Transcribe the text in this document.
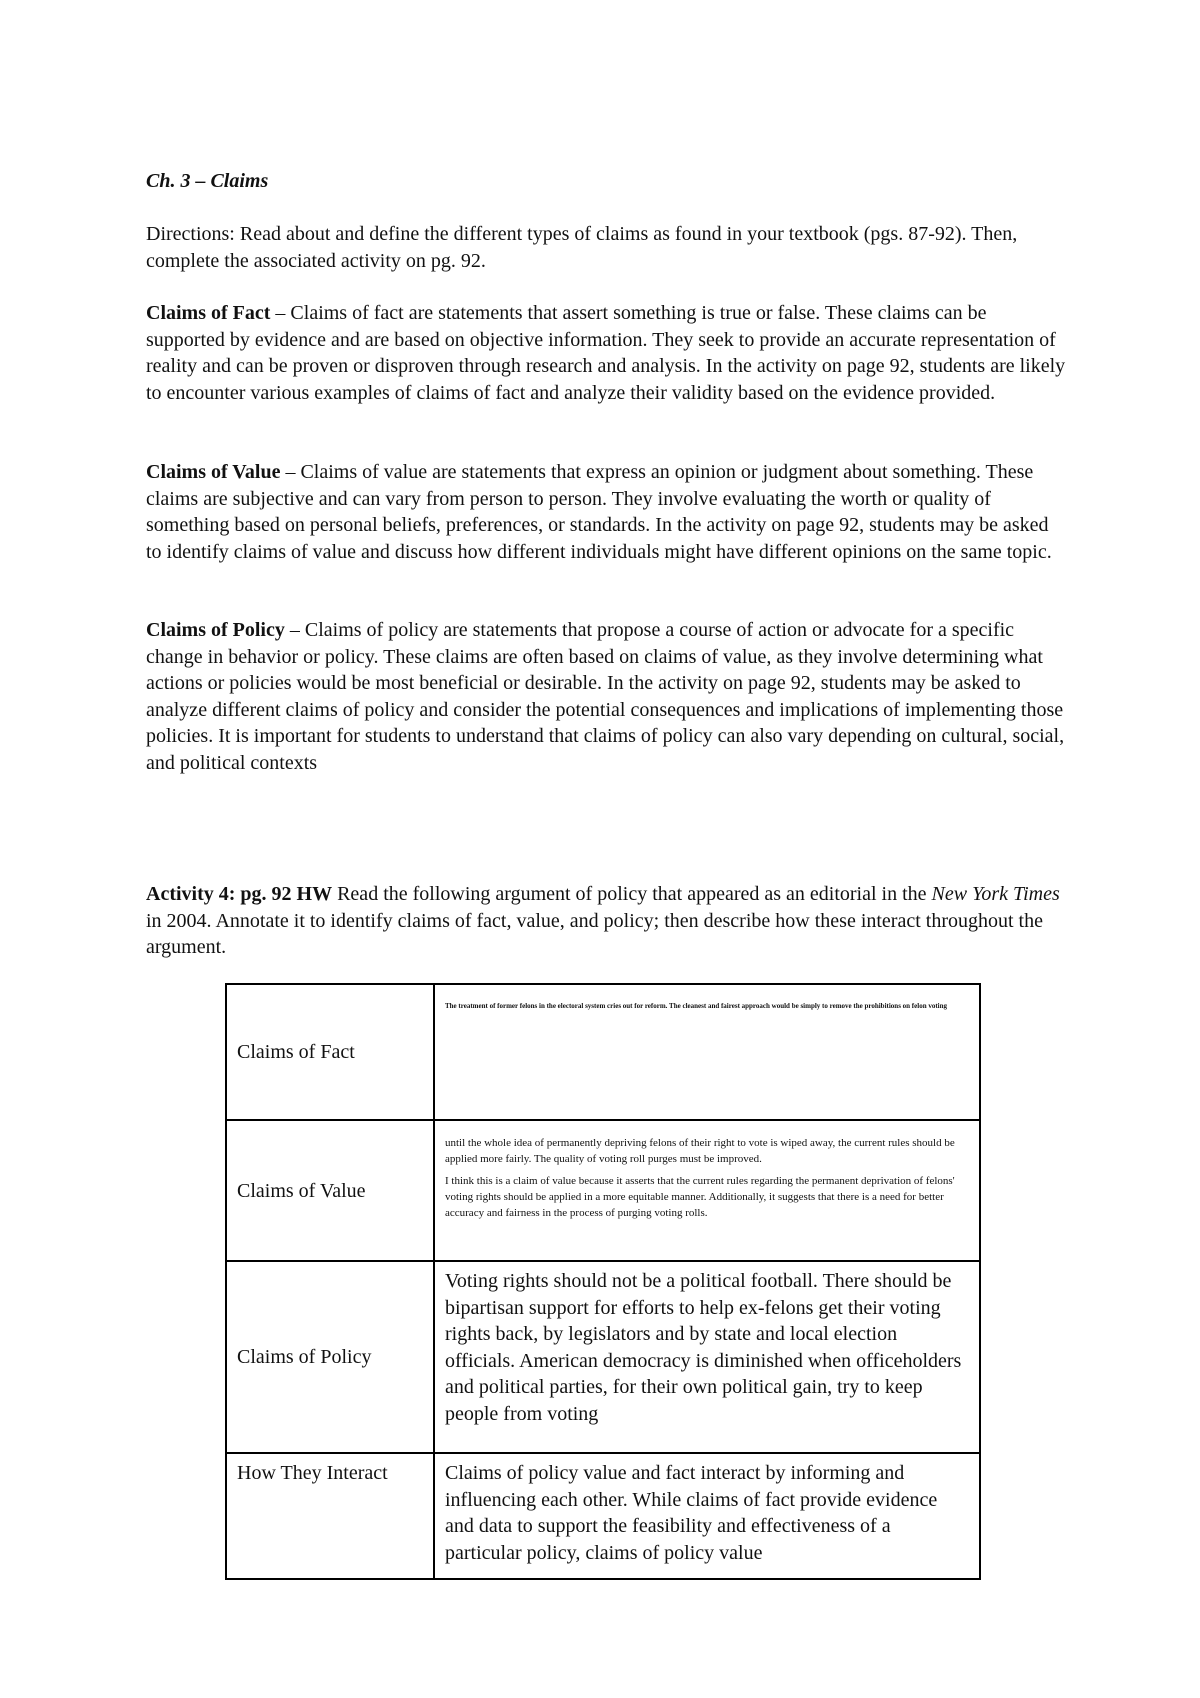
Ch. 3 – Claims
Directions: Read about and define the different types of claims as found in your textbook (pgs. 87-92). Then, complete the associated activity on pg. 92.
Claims of Fact – Claims of fact are statements that assert something is true or false. These claims can be supported by evidence and are based on objective information. They seek to provide an accurate representation of reality and can be proven or disproven through research and analysis. In the activity on page 92, students are likely to encounter various examples of claims of fact and analyze their validity based on the evidence provided.
Claims of Value – Claims of value are statements that express an opinion or judgment about something. These claims are subjective and can vary from person to person. They involve evaluating the worth or quality of something based on personal beliefs, preferences, or standards. In the activity on page 92, students may be asked to identify claims of value and discuss how different individuals might have different opinions on the same topic.
Claims of Policy – Claims of policy are statements that propose a course of action or advocate for a specific change in behavior or policy. These claims are often based on claims of value, as they involve determining what actions or policies would be most beneficial or desirable. In the activity on page 92, students may be asked to analyze different claims of policy and consider the potential consequences and implications of implementing those policies. It is important for students to understand that claims of policy can also vary depending on cultural, social, and political contexts
Activity 4: pg. 92 HW Read the following argument of policy that appeared as an editorial in the New York Times in 2004. Annotate it to identify claims of fact, value, and policy; then describe how these interact throughout the argument.
Claims of Fact	The treatment of former felons in the electoral system cries out for reform. The cleanest and fairest approach would be simply to remove the prohibitions on felon voting

Claims of Value	until the whole idea of permanently depriving felons of their right to vote is wiped away, the current rules should be applied more fairly. The quality of voting roll purges must be improved.

I think this is a claim of value because it asserts that the current rules regarding the permanent deprivation of felons' voting rights should be applied in a more equitable manner. Additionally, it suggests that there is a need for better accuracy and fairness in the process of purging voting rolls.

Claims of Policy	Voting rights should not be a political football. There should be bipartisan support for efforts to help ex-felons get their voting rights back, by legislators and by state and local election officials. American democracy is diminished when officeholders and political parties, for their own political gain, try to keep people from voting

How They Interact	Claims of policy value and fact interact by informing and influencing each other. While claims of fact provide evidence and data to support the feasibility and effectiveness of a particular policy, claims of policy value
